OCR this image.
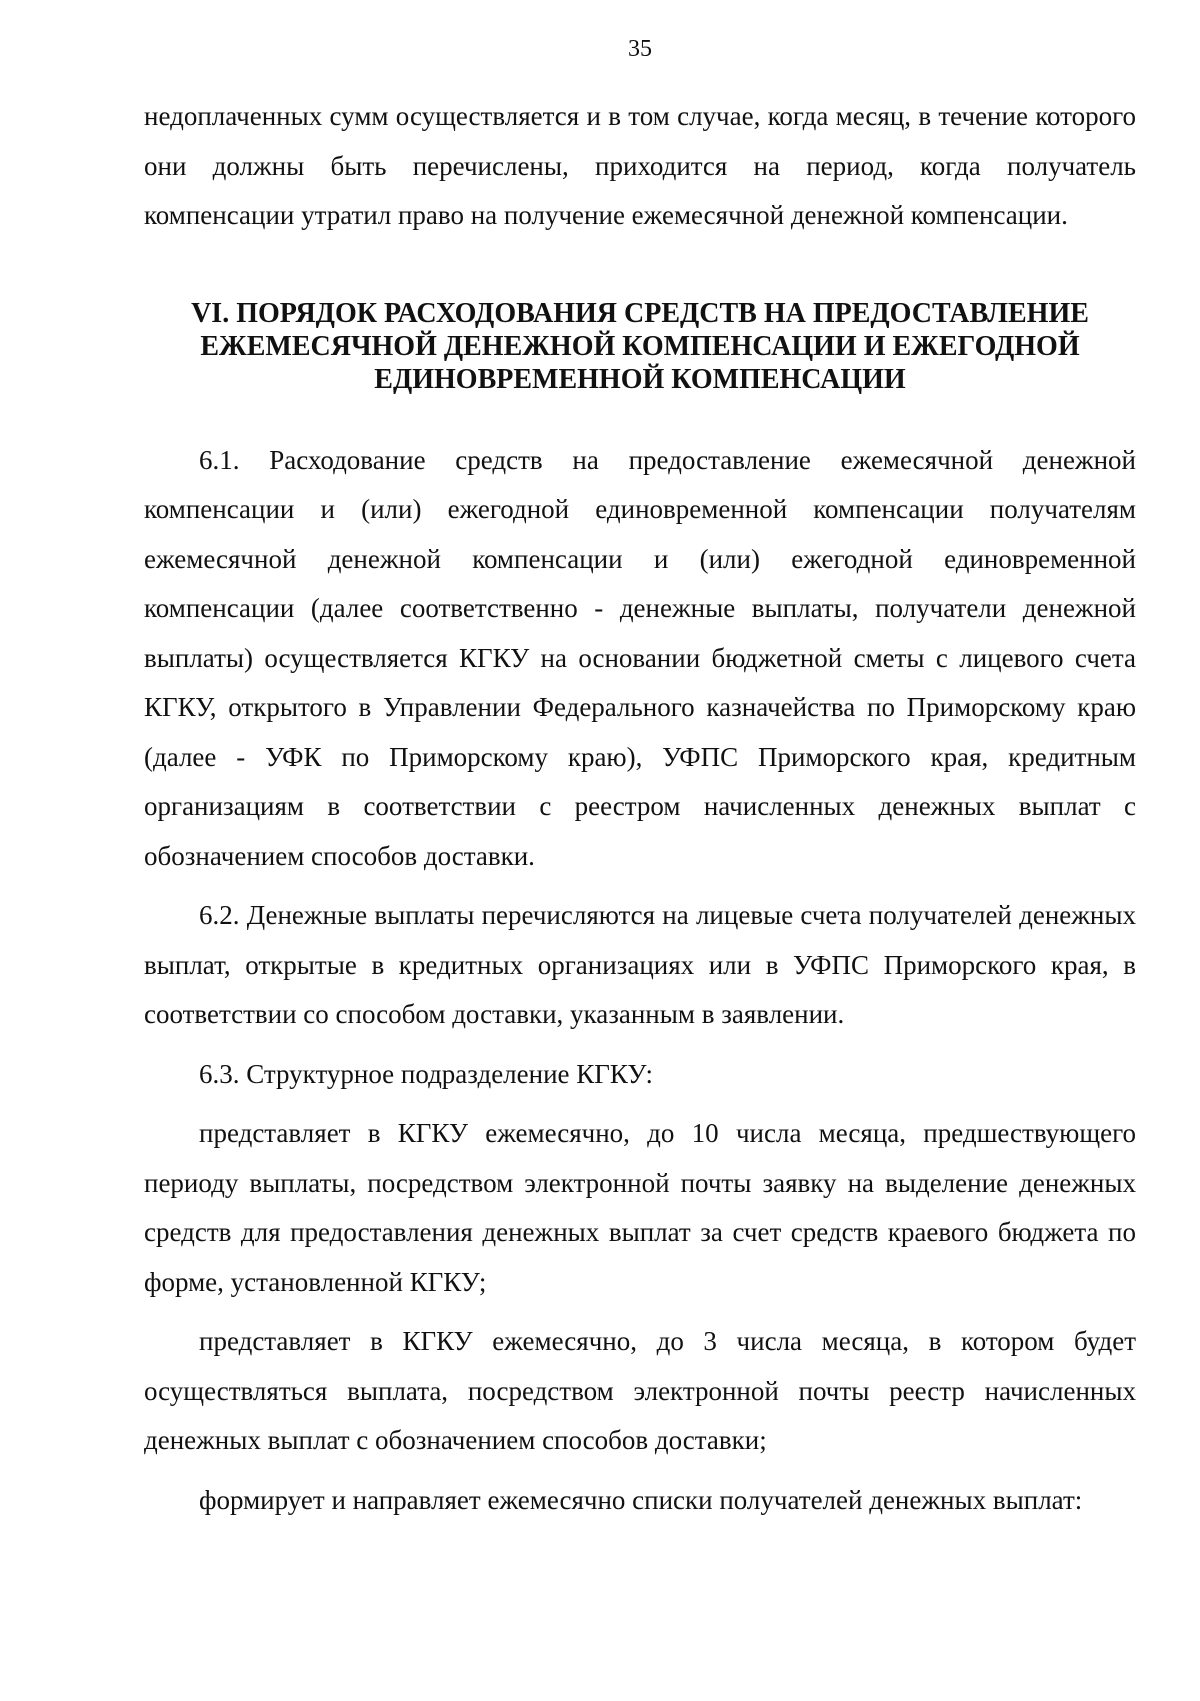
35

недоплаченных сумм осуществляется и в том случае, когда месяц, в течение которого они должны быть перечислены, приходится на период, когда получатель компенсации утратил право на получение ежемесячной денежной компенсации.

VI. ПОРЯДОК РАСХОДОВАНИЯ СРЕДСТВ НА ПРЕДОСТАВЛЕНИЕ
ЕЖЕМЕСЯЧНОЙ ДЕНЕЖНОЙ КОМПЕНСАЦИИ И ЕЖЕГОДНОЙ
ЕДИНОВРЕМЕННОЙ КОМПЕНСАЦИИ

6.1. Расходование средств на предоставление ежемесячной денежной компенсации и (или) ежегодной единовременной компенсации получателям ежемесячной денежной компенсации и (или) ежегодной единовременной компенсации (далее соответственно - денежные выплаты, получатели денежной выплаты) осуществляется КГКУ на основании бюджетной сметы с лицевого счета КГКУ, открытого в Управлении Федерального казначейства по Приморскому краю (далее - УФК по Приморскому краю), УФПС Приморского края, кредитным организациям в соответствии с реестром начисленных денежных выплат с обозначением способов доставки.

6.2. Денежные выплаты перечисляются на лицевые счета получателей денежных выплат, открытые в кредитных организациях или в УФПС Приморского края, в соответствии со способом доставки, указанным в заявлении.

6.3. Структурное подразделение КГКУ:

представляет в КГКУ ежемесячно, до 10 числа месяца, предшествующего периоду выплаты, посредством электронной почты заявку на выделение денежных средств для предоставления денежных выплат за счет средств краевого бюджета по форме, установленной КГКУ;

представляет в КГКУ ежемесячно, до 3 числа месяца, в котором будет осуществляться выплата, посредством электронной почты реестр начисленных денежных выплат с обозначением способов доставки;

формирует и направляет ежемесячно списки получателей денежных выплат:
